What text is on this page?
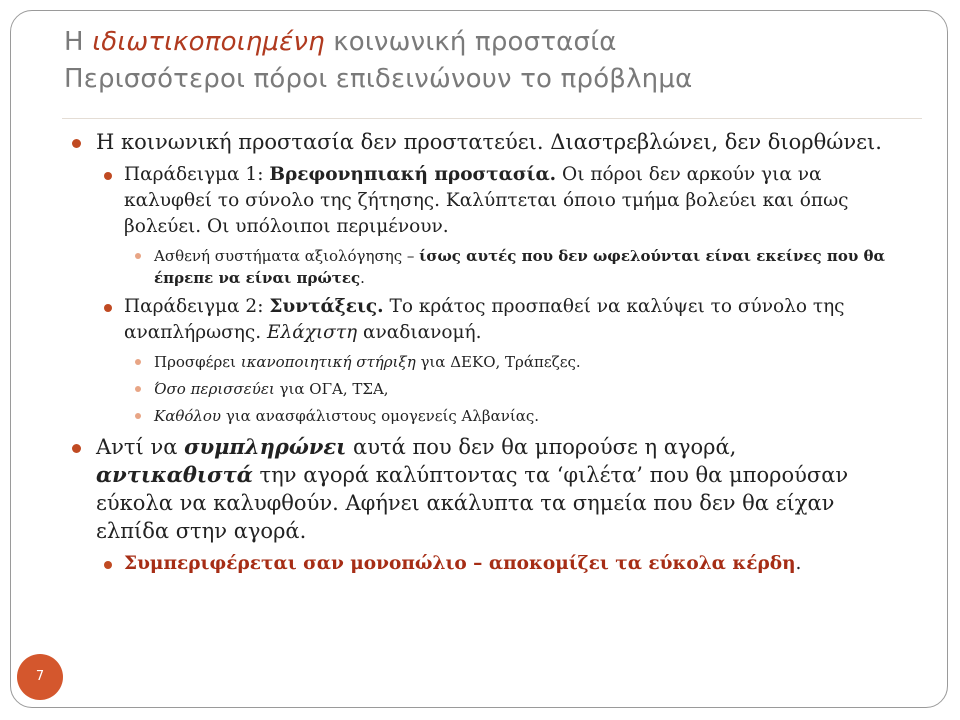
Η ιδιωτικοποιημένη κοινωνική προστασία
Περισσότεροι πόροι επιδεινώνουν το πρόβλημα
Η κοινωνική προστασία δεν προστατεύει. Διαστρεβλώνει, δεν διορθώνει.
Παράδειγμα 1: Βρεφονηπιακή προστασία. Οι πόροι δεν αρκούν για να καλυφθεί το σύνολο της ζήτησης. Καλύπτεται όποιο τμήμα βολεύει και όπως βολεύει. Οι υπόλοιποι περιμένουν.
Ασθενή συστήματα αξιολόγησης – ίσως αυτές που δεν ωφελούνται είναι εκείνες που θα έπρεπε να είναι πρώτες.
Παράδειγμα 2: Συντάξεις. Το κράτος προσπαθεί να καλύψει το σύνολο της αναπλήρωσης. Ελάχιστη αναδιανομή.
Προσφέρει ικανοποιητική στήριξη για ΔΕΚΟ, Τράπεζες.
Όσο περισσεύει για ΟΓΑ, ΤΣΑ,
Καθόλου για ανασφάλιστους ομογενείς Αλβανίας.
Αντί να συμπληρώνει αυτά που δεν θα μπορούσε η αγορά, αντικαθιστά την αγορά καλύπτοντας τα ‘φιλέτα’ που θα μπορούσαν εύκολα να καλυφθούν. Αφήνει ακάλυπτα τα σημεία που δεν θα είχαν ελπίδα στην αγορά.
Συμπεριφέρεται σαν μονοπώλιο – αποκομίζει τα εύκολα κέρδη.
7
